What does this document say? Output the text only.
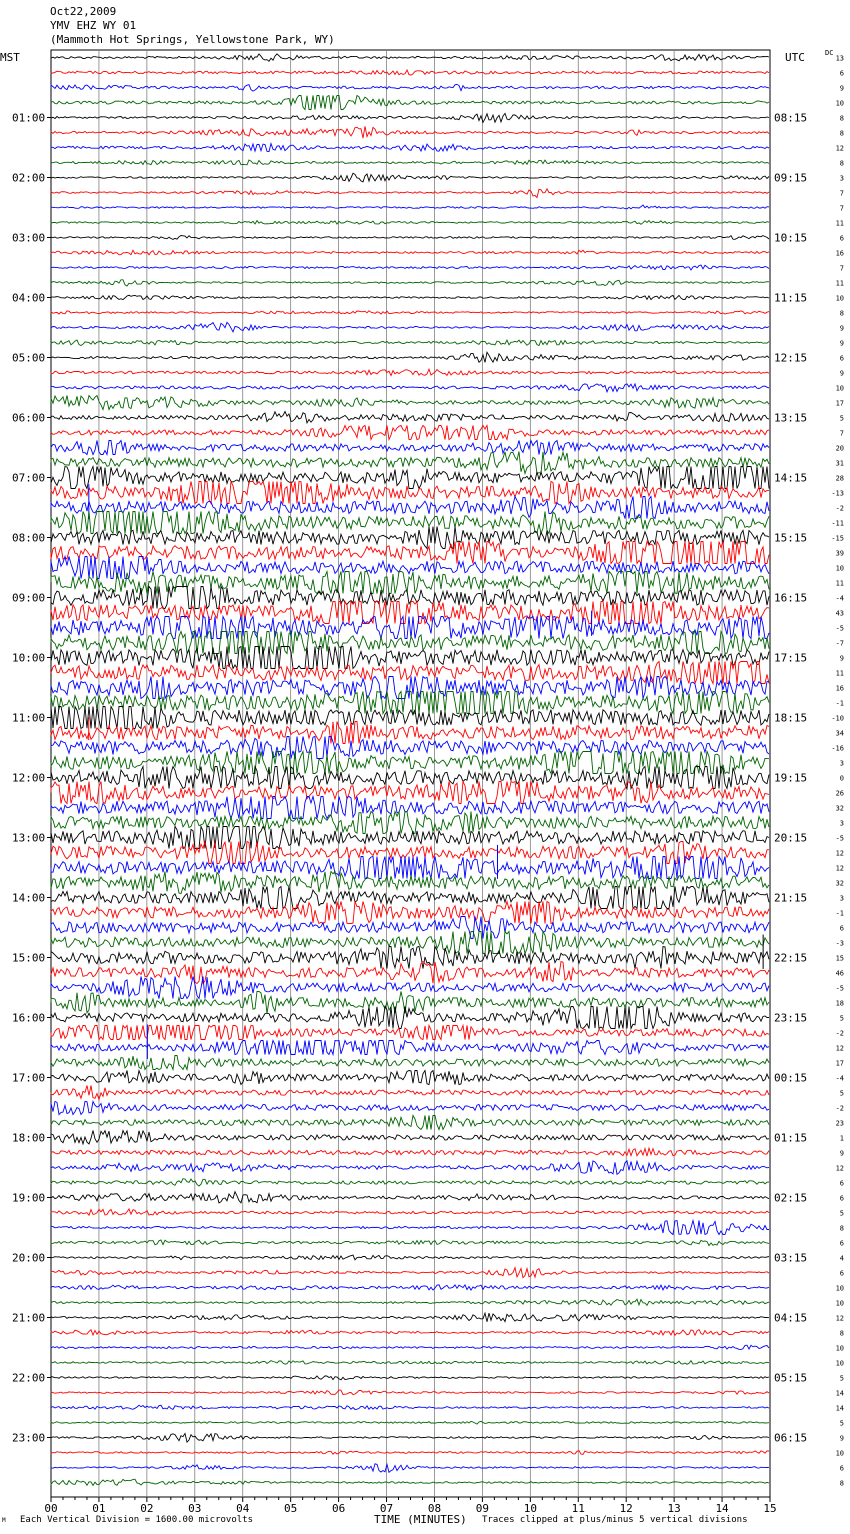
Oct22,2009
YMV EHZ WY 01
(Mammoth Hot Springs, Yellowstone Park, WY)
MST	UTC	DC
01:00
02:00
03:00
04:00
05:00
06:00
07:00
08:00
09:00
10:00
11:00
12:00
13:00
14:00
15:00
16:00
17:00
18:00
19:00
20:00
21:00
22:00
23:00
08:15
09:15
10:15
11:15
12:15
13:15
14:15
15:15
16:15
17:15
18:15
19:15
20:15
21:15
22:15
23:15
00:15
01:15
02:15
03:15
04:15
05:15
06:15
13
6
9
10
8
8
12
8
3
7
7
11
6
16
7
11
10
8
9
9
6
9
10
17
5
7
20
31
28
-13
-2
-11
-15
39
10
11
-4
43
-5
-7
9
11
16
-1
-10
34
-16
3
0
26
32
3
-5
12
12
32
3
-1
6
-3
15
46
-5
18
5
-2
12
17
-4
5
-2
23
1
9
12
6
6
5
8
6
4
6
10
10
12
8
10
10
5
14
14
5
9
10
6
8
00	01	02	03	04	05	06	07	08	09	10	11	12	13	14	15
M Each Vertical Division = 1600.00 microvolts	TIME (MINUTES) Traces clipped at plus/minus 5 vertical divisions
